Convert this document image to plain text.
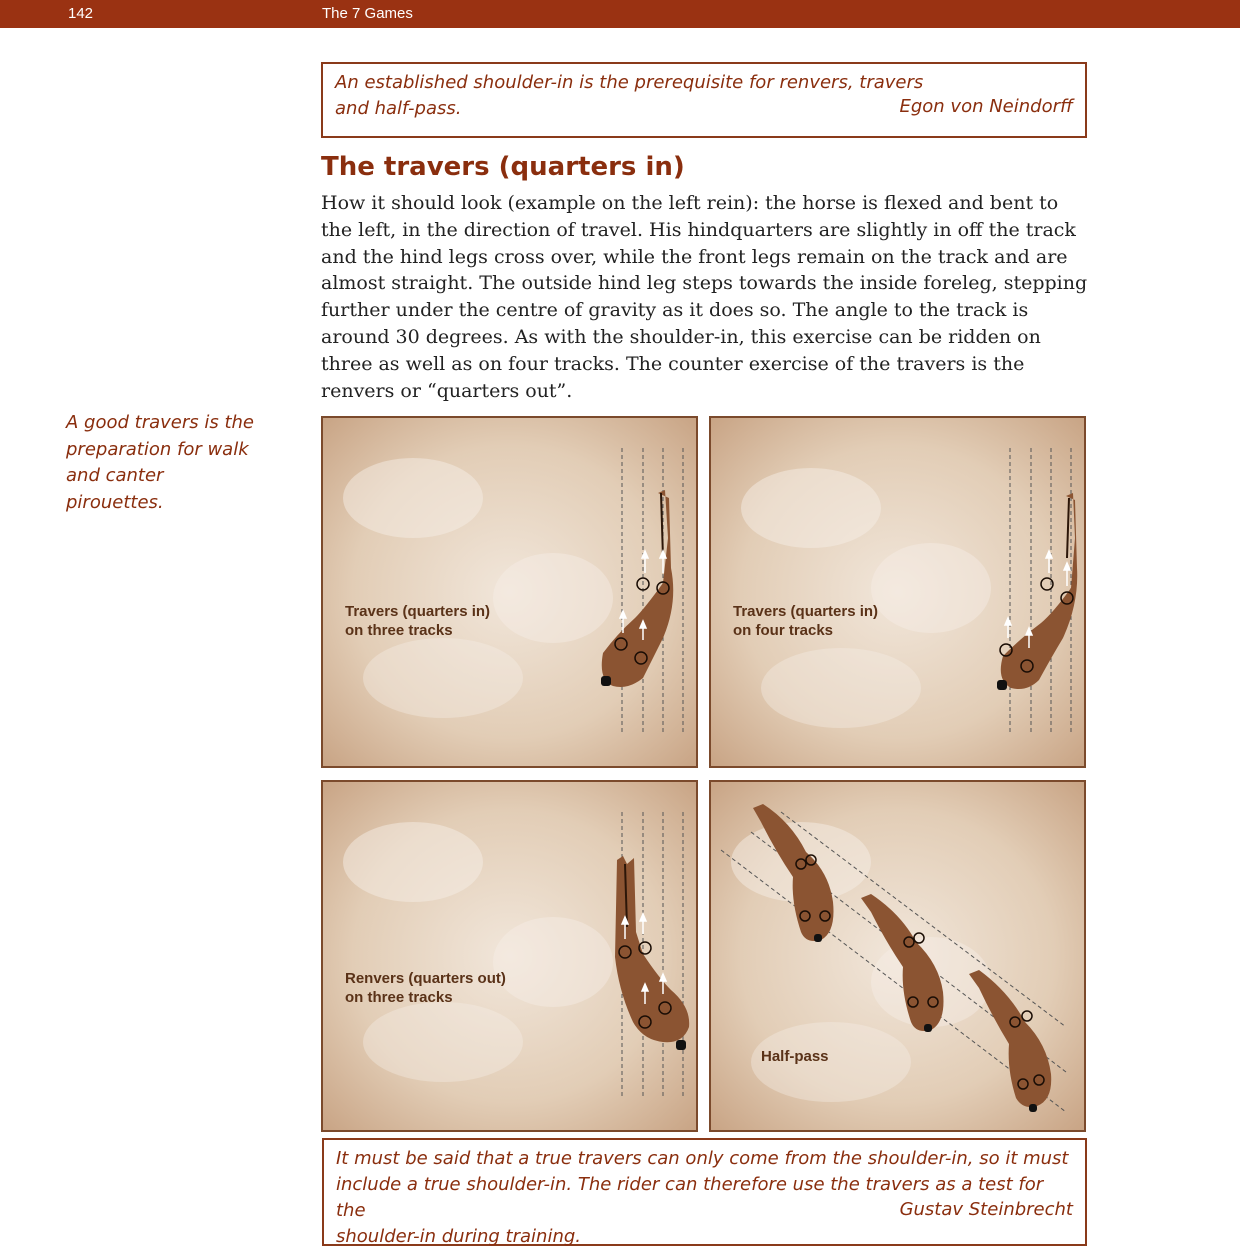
142	The 7 Games
An established shoulder-in is the prerequisite for renvers, travers
and half-pass.	Egon von Neindorff
The travers (quarters in)

How it should look (example on the left rein): the horse is flexed and bent to the left, in the direction of travel. His hindquarters are slightly in off the track and the hind legs cross over, while the front legs remain on the track and are almost straight. The outside hind leg steps towards the inside foreleg, stepping further under the centre of gravity as it does so. The angle to the track is around 30 degrees. As with the shoulder-in, this exercise can be ridden on three as well as on four tracks. The counter exercise of the travers is the renvers or “quarters out”.

A good travers is the preparation for walk and canter pirouettes.
Travers (quarters in)
on three tracks
Travers (quarters in)
on four tracks
Renvers (quarters out)
on three tracks
Half-pass
It must be said that a true travers can only come from the shoulder-in, so it must
include a true shoulder-in. The rider can therefore use the travers as a test for the
shoulder-in during training.
Gustav Steinbrecht
